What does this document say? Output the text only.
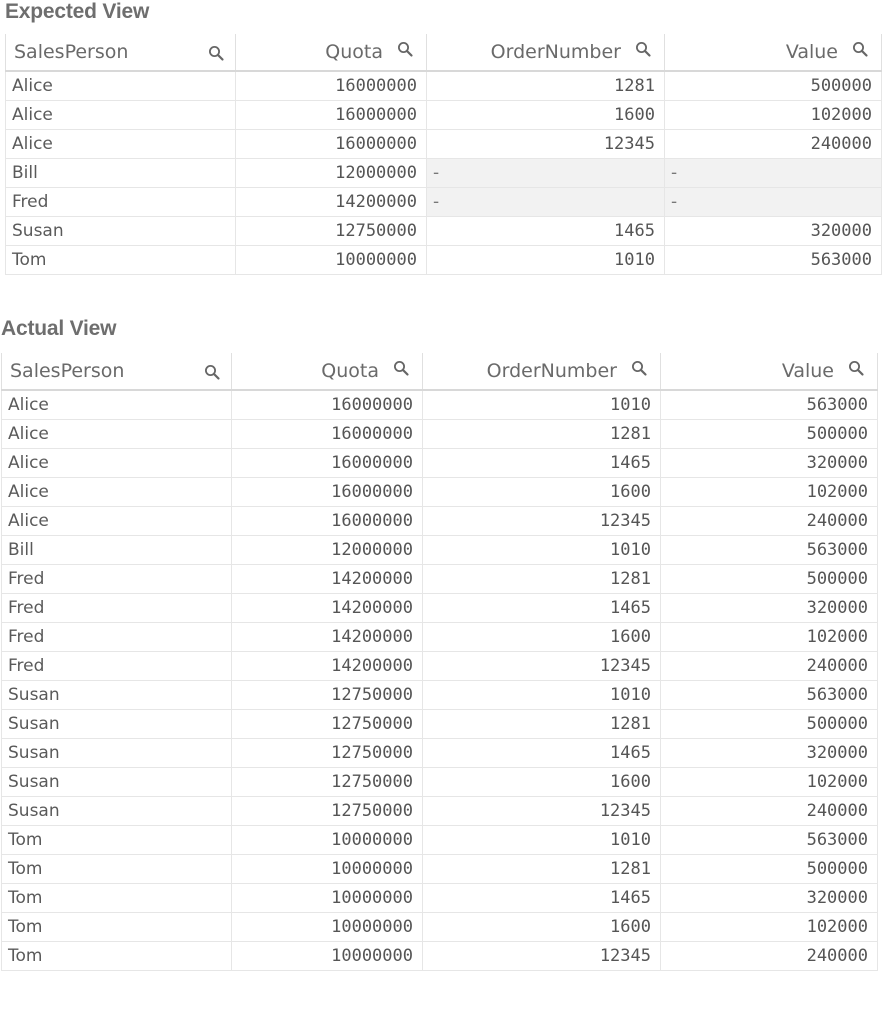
Expected View
SalesPerson	Quota	OrderNumber	Value
Alice	16000000	1281	500000
Alice	16000000	1600	102000
Alice	16000000	12345	240000
Bill	12000000	-	-
Fred	14200000	-	-
Susan	12750000	1465	320000
Tom	10000000	1010	563000
Actual View
SalesPerson	Quota	OrderNumber	Value
Alice	16000000	1010	563000
Alice	16000000	1281	500000
Alice	16000000	1465	320000
Alice	16000000	1600	102000
Alice	16000000	12345	240000
Bill	12000000	1010	563000
Fred	14200000	1281	500000
Fred	14200000	1465	320000
Fred	14200000	1600	102000
Fred	14200000	12345	240000
Susan	12750000	1010	563000
Susan	12750000	1281	500000
Susan	12750000	1465	320000
Susan	12750000	1600	102000
Susan	12750000	12345	240000
Tom	10000000	1010	563000
Tom	10000000	1281	500000
Tom	10000000	1465	320000
Tom	10000000	1600	102000
Tom	10000000	12345	240000
